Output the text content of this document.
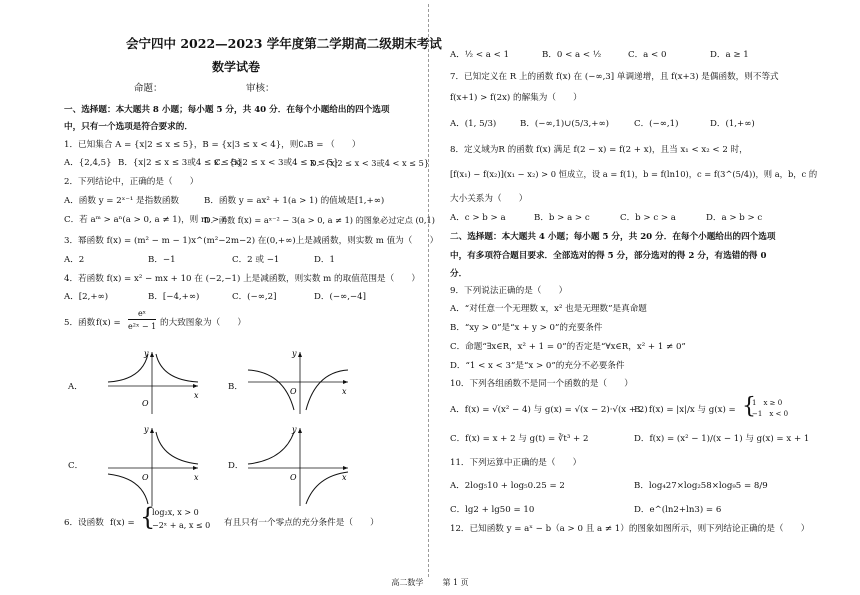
会宁四中 2022—2023 学年度第二学期高二级期末考试
数学试卷
命题：	审核：
一、选择题：本大题共 8 小题；每小题 5 分，共 40 分．在每个小题给出的四个选项
中，只有一个选项是符合要求的．
1．已知集合 A = {x|2 ≤ x ≤ 5}，B = {x|3 ≤ x < 4}，则∁ₐB = （　　）
A．{2,4,5} B．{x|2 ≤ x ≤ 3或4 ≤ x ≤ 5}
C．{x|2 ≤ x < 3或4 ≤ x ≤ 5}
D．{x|2 ≤ x < 3或4 < x ≤ 5}
2．下列结论中，正确的是（　　）
A．函数 y = 2ˣ⁻¹ 是指数函数	B．函数 y = ax² + 1(a > 1) 的值域是[1,+∞)
C．若 aᵐ > aⁿ(a > 0, a ≠ 1)，则 m > n
D．函数 f(x) = aˣ⁻² − 3(a > 0, a ≠ 1) 的图象必过定点 (0,1)
3．幂函数 f(x) = (m² − m − 1)x^(m²−2m−2) 在(0,+∞)上是减函数，则实数 m 值为（　　）
A．2	B．−1	C．2 或 −1	D．1
4．若函数 f(x) = x² − mx + 10 在 (−2,−1) 上是减函数，则实数 m 的取值范围是（　　）
A．[2,+∞)	B．[−4,+∞)	C．(−∞,2]	D．(−∞,−4]
5．函数 f(x) =
eˣ
e²ˣ − 1 的大致图象为（　　）
A．	B．
C．	D．
x
y
O
x
y
O
x
y
O	x
y
O
6．设函数 f(x) = {
log₂x, x > 0
−2ˣ + a, x ≤ 0 有且只有一个零点的充分条件是（　　）
A．½ < a < 1	B．0 < a < ½	C．a < 0	D．a ≥ 1
7．已知定义在 R 上的函数 f(x) 在 (−∞,3] 单调递增，且 f(x+3) 是偶函数，则不等式
f(x+1) > f(2x) 的解集为（　　）
A．(1, 5/3)	B．(−∞,1)∪(5/3,+∞)	C．(−∞,1)	D．(1,+∞)
8．定义域为R 的函数 f(x) 满足 f(2 − x) = f(2 + x)，且当 x₁ < x₂ < 2 时，
[f(x₁) − f(x₂)](x₁ − x₂) > 0 恒成立，设 a = f(1)，b = f(ln10)，c = f(3^(5/4))，则 a，b，c 的
大小关系为（　　）
A．c > b > a	B．b > a > c	C．b > c > a	D．a > b > c
二、选择题：本大题共 4 小题；每小题 5 分，共 20 分．在每个小题给出的四个选项
中，有多项符合题目要求．全部选对的得 5 分，部分选对的得 2 分，有选错的得 0
分．
9．下列说法正确的是（　　）
A．“对任意一个无理数 x，x² 也是无理数”是真命题
B．“xy > 0”是“x + y > 0”的充要条件
C．命题“∃x∈R，x² + 1 = 0”的否定是“∀x∈R，x² + 1 ≠ 0”
D．“1 < x < 3”是“x > 0”的充分不必要条件
10．下列各组函数不是同一个函数的是（　　）
A．f(x) = √(x² − 4) 与 g(x) = √(x − 2)·√(x + 2)
B．f(x) = |x|/x 与 g(x) = {
1　x ≥ 0
−1　x < 0
C．f(x) = x + 2 与 g(t) = ∛t³ + 2	D．f(x) = (x² − 1)/(x − 1) 与 g(x) = x + 1
11．下列运算中正确的是（　　）
A．2log₅10 + log₅0.25 = 2	B．log₄27×log₂58×log₉5 = 8/9
C．lg2 + lg50 = 10	D．e^(ln2+ln3) = 6
12．已知函数 y = aˣ − b（a > 0 且 a ≠ 1）的图象如图所示，则下列结论正确的是（　　）
高二数学 第 1 页
